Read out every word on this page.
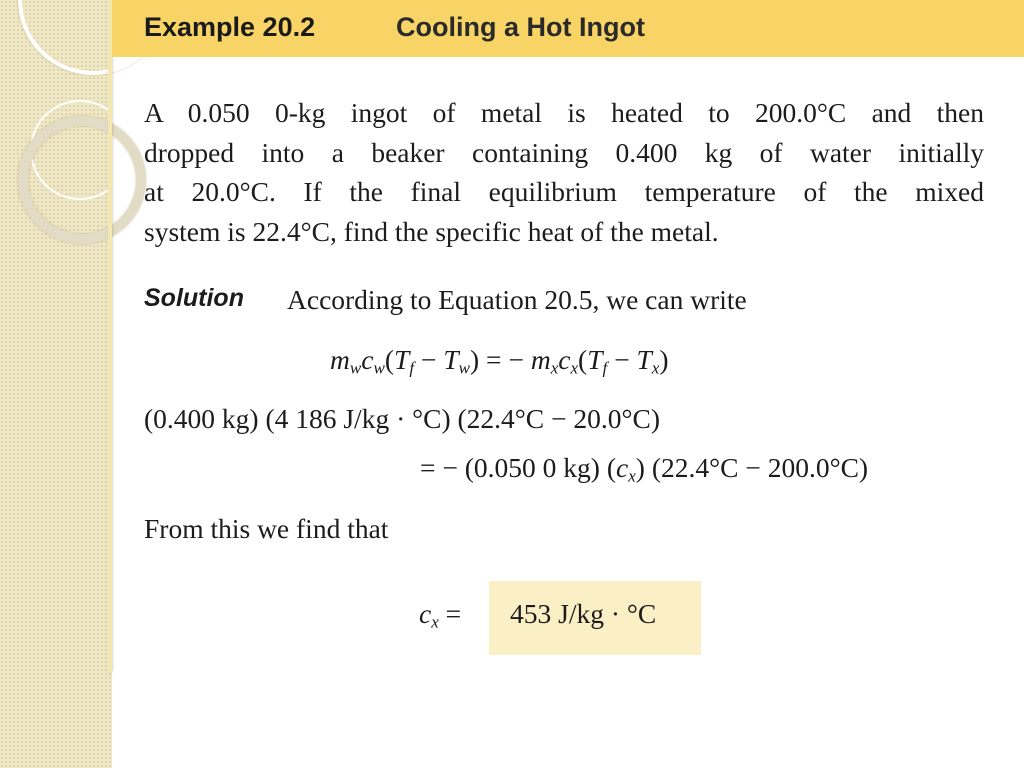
Example 20.2	Cooling a Hot Ingot

A 0.050 0-kg ingot of metal is heated to 200.0°C and then

dropped into a beaker containing 0.400 kg of water initially

at 20.0°C. If the final equilibrium temperature of the mixed

system is 22.4°C, find the specific heat of the metal.

Solution According to Equation 20.5, we can write
$m_wc_w(T_f - T_w)$ = − $m_xc_x(T_f - T_x)$
(0.400 kg) (4 186 J/kg · °C) (22.4°C − 20.0°C)
= − (0.050 0 kg) $(c_x) (22.4^\circ C - 200.0^\circ C)$
From this we find that
$c_x = 453$ J/kg · °C
